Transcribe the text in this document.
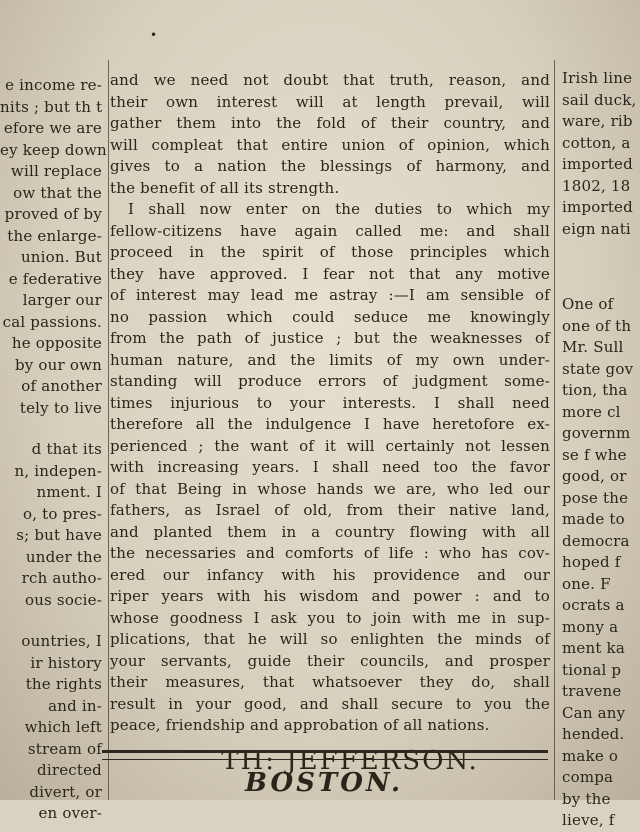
•
e income re-
nits ; but th t
efore we are
ey keep down
will replace
ow that the
proved of by
the enlarge-
union. But
e federative
larger our
cal passions.
he opposite
by our own
of another
tely to live
d that its
n, indepen-
nment. I
o, to pres-
s; but have
under the
rch autho-
ous socie-
ountries, I
ir history
the rights
and in-
which left
stream of
directed
divert, or
en over-
and we need not doubt that truth, reason, and
their own interest will at length prevail, will
gather them into the fold of their country, and
will compleat that entire union of opinion, which
gives to a nation the blessings of harmony, and
the benefit of all its strength.
I shall now enter on the duties to which my
fellow-citizens have again called me: and shall
proceed in the spirit of those principles which
they have approved. I fear not that any motive
of interest may lead me astray :—I am sensible of
no passion which could seduce me knowingly
from the path of justice ; but the weaknesses of
human nature, and the limits of my own under-
standing will produce errors of judgment some-
times injurious to your interests. I shall need
therefore all the indulgence I have heretofore ex-
perienced ; the want of it will certainly not lessen
with increasing years. I shall need too the favor
of that Being in whose hands we are, who led our
fathers, as Israel of old, from their native land,
and planted them in a country flowing with all
the necessaries and comforts of life : who has cov-
ered our infancy with his providence and our
riper years with his wisdom and power : and to
whose goodness I ask you to join with me in sup-
plications, that he will so enlighten the minds of
your servants, guide their councils, and prosper
their measures, that whatsoever they do, shall
result in your good, and shall secure to you the
peace, friendship and approbation of all nations.
TH: JEFFERSON.
Irish line
sail duck,
ware, rib
cotton, a
imported
1802, 18
imported
eign nati
One of
one of th
Mr. Sull
state gov
tion, tha
more cl
governm
se f whe
good, or
pose the
made to
democra
hoped f
one. F
ocrats a
mony a
ment ka
tional p
travene
Can any
hended.
make o
compa
by the
lieve, f
BOSTON.
